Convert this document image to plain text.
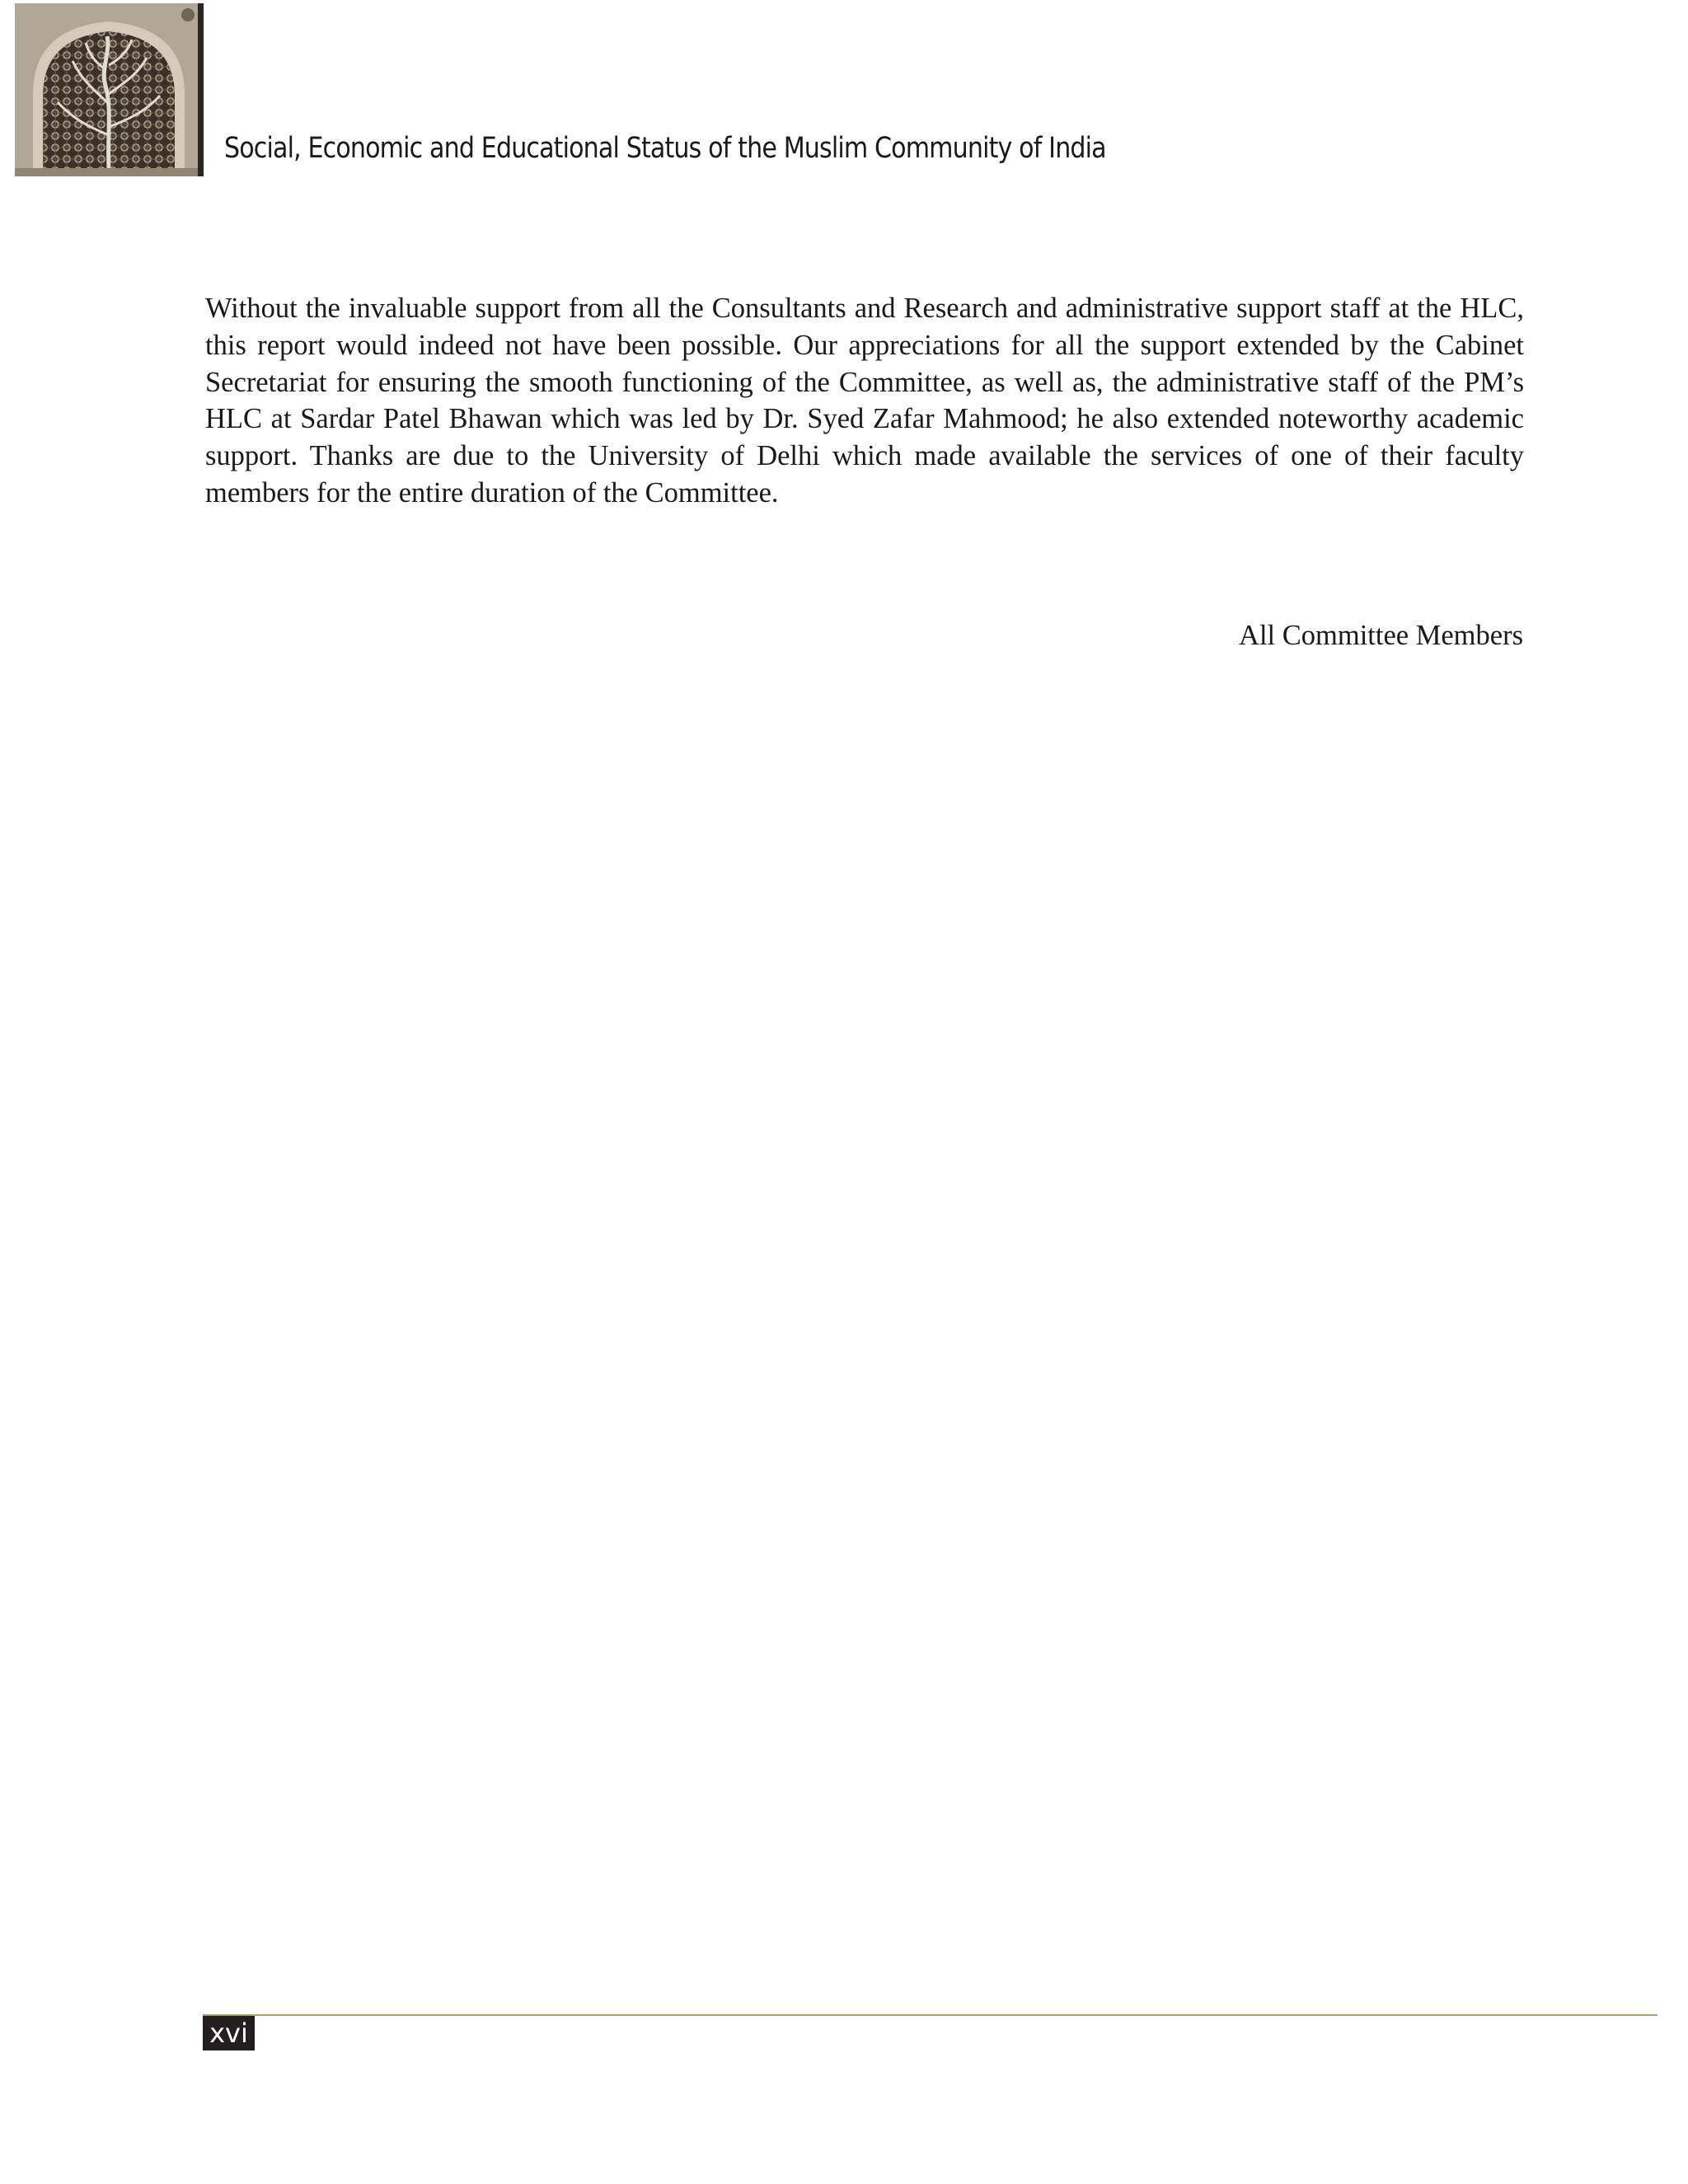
Social, Economic and Educational Status of the Muslim Community of India

Without the invaluable support from all the Consultants and Research and administrative support staff at the HLC, this report would indeed not have been possible. Our appreciations for all the support extended by the Cabinet Secretariat for ensuring the smooth functioning of the Committee, as well as, the administrative staff of the PM’s HLC at Sardar Patel Bhawan which was led by Dr. Syed Zafar Mahmood; he also extended noteworthy academic support. Thanks are due to the University of Delhi which made available the services of one of their faculty members for the entire duration of the Committee.

All Committee Members
xvi
